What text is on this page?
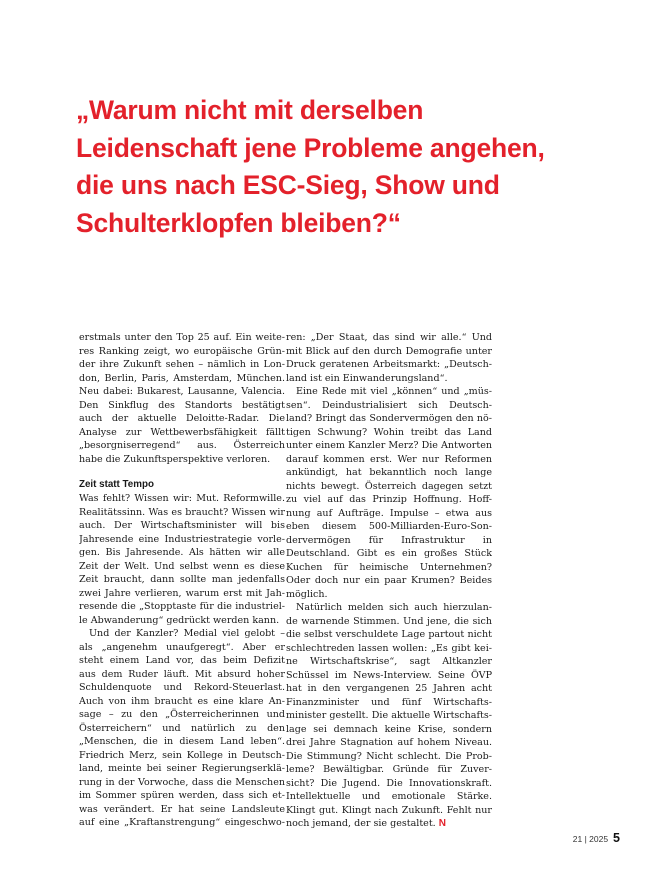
„Warum nicht mit derselben
Leidenschaft jene Probleme angehen,
die uns nach ESC-Sieg, Show und
Schulterklopfen bleiben?“
erstmals unter den Top 25 auf. Ein weite-
res Ranking zeigt, wo europäische Grün-
der ihre Zukunft sehen – nämlich in Lon-
don, Berlin, Paris, Amsterdam, München.
Neu dabei: Bukarest, Lausanne, Valencia.
Den Sinkflug des Standorts bestätigt
auch der aktuelle Deloitte-Radar. Die
Analyse zur Wettbewerbsfähigkeit fällt
„besorgniserregend“ aus. Österreich
habe die Zukunftsperspektive verloren.
Zeit statt Tempo
Was fehlt? Wissen wir: Mut. Reformwille.
Realitätssinn. Was es braucht? Wissen wir
auch. Der Wirtschaftsminister will bis
Jahresende eine Industriestrategie vorle-
gen. Bis Jahresende. Als hätten wir alle
Zeit der Welt. Und selbst wenn es diese
Zeit braucht, dann sollte man jedenfalls
zwei Jahre verlieren, warum erst mit Jah-
resende die „Stopptaste für die industriel-
le Abwanderung“ gedrückt werden kann.
Und der Kanzler? Medial viel gelobt –
als „angenehm unaufgeregt“. Aber er
steht einem Land vor, das beim Defizit
aus dem Ruder läuft. Mit absurd hoher
Schuldenquote und Rekord-Steuerlast.
Auch von ihm braucht es eine klare An-
sage – zu den „Österreicherinnen und
Österreichern“ und natürlich zu den
„Menschen, die in diesem Land leben“.
Friedrich Merz, sein Kollege in Deutsch-
land, meinte bei seiner Regierungserklä-
rung in der Vorwoche, dass die Menschen
im Sommer spüren werden, dass sich et-
was verändert. Er hat seine Landsleute
auf eine „Kraftanstrengung“ eingeschwo-
ren: „Der Staat, das sind wir alle.“ Und
mit Blick auf den durch Demografie unter
Druck geratenen Arbeitsmarkt: „Deutsch-
land ist ein Einwanderungsland“.
Eine Rede mit viel „können“ und „müs-
sen“. Deindustrialisiert sich Deutsch-
land? Bringt das Sondervermögen den nö-
tigen Schwung? Wohin treibt das Land
unter einem Kanzler Merz? Die Antworten
darauf kommen erst. Wer nur Reformen
ankündigt, hat bekanntlich noch lange
nichts bewegt. Österreich dagegen setzt
zu viel auf das Prinzip Hoffnung. Hoff-
nung auf Aufträge. Impulse – etwa aus
eben diesem 500-Milliarden-Euro-Son-
dervermögen für Infrastruktur in
Deutschland. Gibt es ein großes Stück
Kuchen für heimische Unternehmen?
Oder doch nur ein paar Krumen? Beides
möglich.
Natürlich melden sich auch hierzulan-
de warnende Stimmen. Und jene, die sich
die selbst verschuldete Lage partout nicht
schlechtreden lassen wollen: „Es gibt kei-
ne Wirtschaftskrise“, sagt Altkanzler
Schüssel im News-Interview. Seine ÖVP
hat in den vergangenen 25 Jahren acht
Finanzminister und fünf Wirtschafts-
minister gestellt. Die aktuelle Wirtschafts-
lage sei demnach keine Krise, sondern
drei Jahre Stagnation auf hohem Niveau.
Die Stimmung? Nicht schlecht. Die Prob-
leme? Bewältigbar. Gründe für Zuver-
sicht? Die Jugend. Die Innovationskraft.
Intellektuelle und emotionale Stärke.
Klingt gut. Klingt nach Zukunft. Fehlt nur
noch jemand, der sie gestaltet. N
21 | 2025 5
